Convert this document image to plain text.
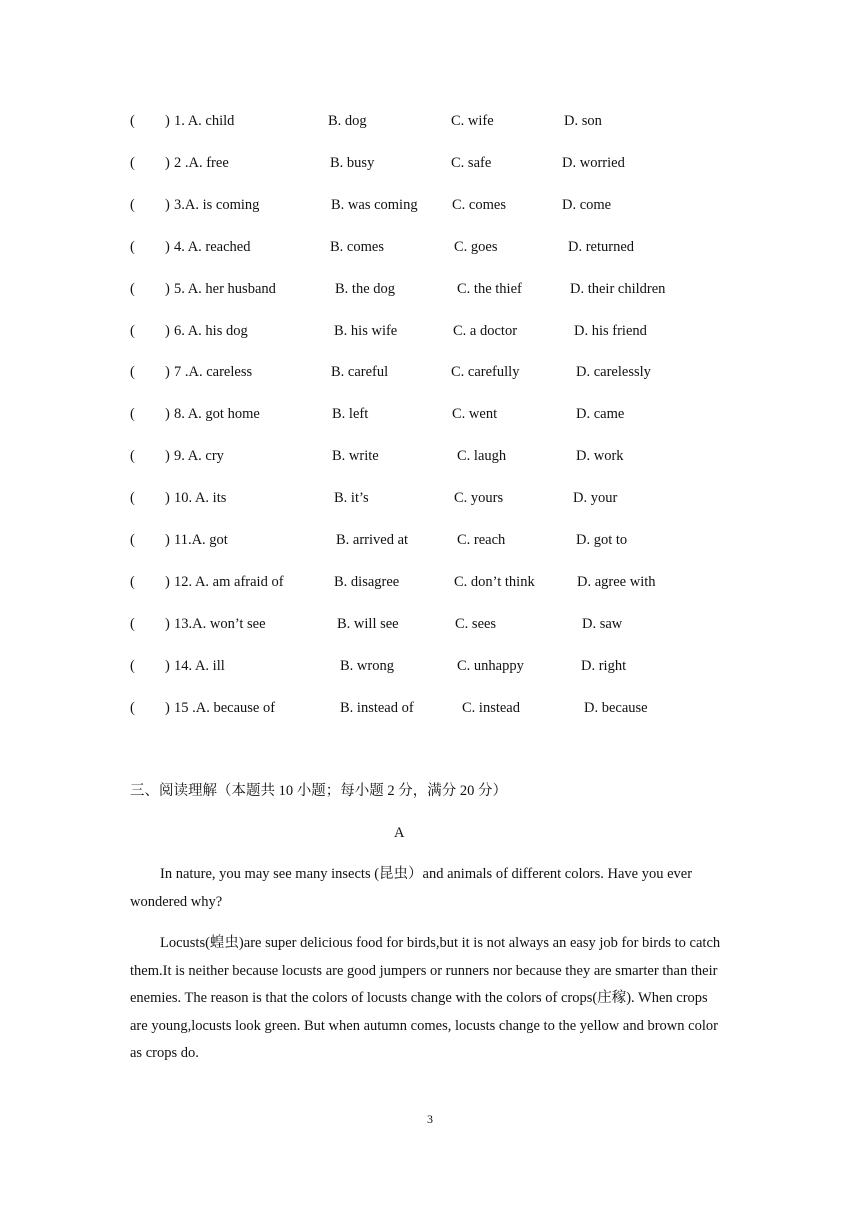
( ) 1. A. child	B. dog	C. wife	D. son
( ) 2 .A. free	B. busy	C. safe	D. worried
( ) 3.A. is coming	B. was coming C. comes	D. come
( ) 4. A. reached	B. comes	C. goes	D. returned
( ) 5. A. her husband	B. the dog	C. the thief	D. their children
( ) 6. A. his dog	B. his wife	C. a doctor	D. his friend
( ) 7 .A. careless	B. careful	C. carefully	D. carelessly
( ) 8. A. got home	B. left	C. went	D. came
( ) 9. A. cry	B. write	C. laugh	D. work
( ) 10. A. its	B. it’s	C. yours	D. your
( ) 11.A. got	B. arrived at	C. reach	D. got to
( ) 12. A. am afraid of	B. disagree	C. don’t think	D. agree with
( ) 13.A. won’t see	B. will see	C. sees	D. saw
( ) 14. A. ill	B. wrong	C. unhappy	D. right
( ) 15 .A. because of	B. instead of	C. instead	D. because
三、阅读理解（本题共 10 小题；每小题 2 分，满分 20 分）
A

In nature, you may see many insects (昆虫）and animals of different colors. Have you ever wondered why?

Locusts(蝗虫)are super delicious food for birds,but it is not always an easy job for birds to catch them.It is neither because locusts are good jumpers or runners nor because they are smarter than their enemies. The reason is that the colors of locusts change with the colors of crops(庄稼). When crops are young,locusts look green. But when autumn comes, locusts change to the yellow and brown color as crops do.

3
